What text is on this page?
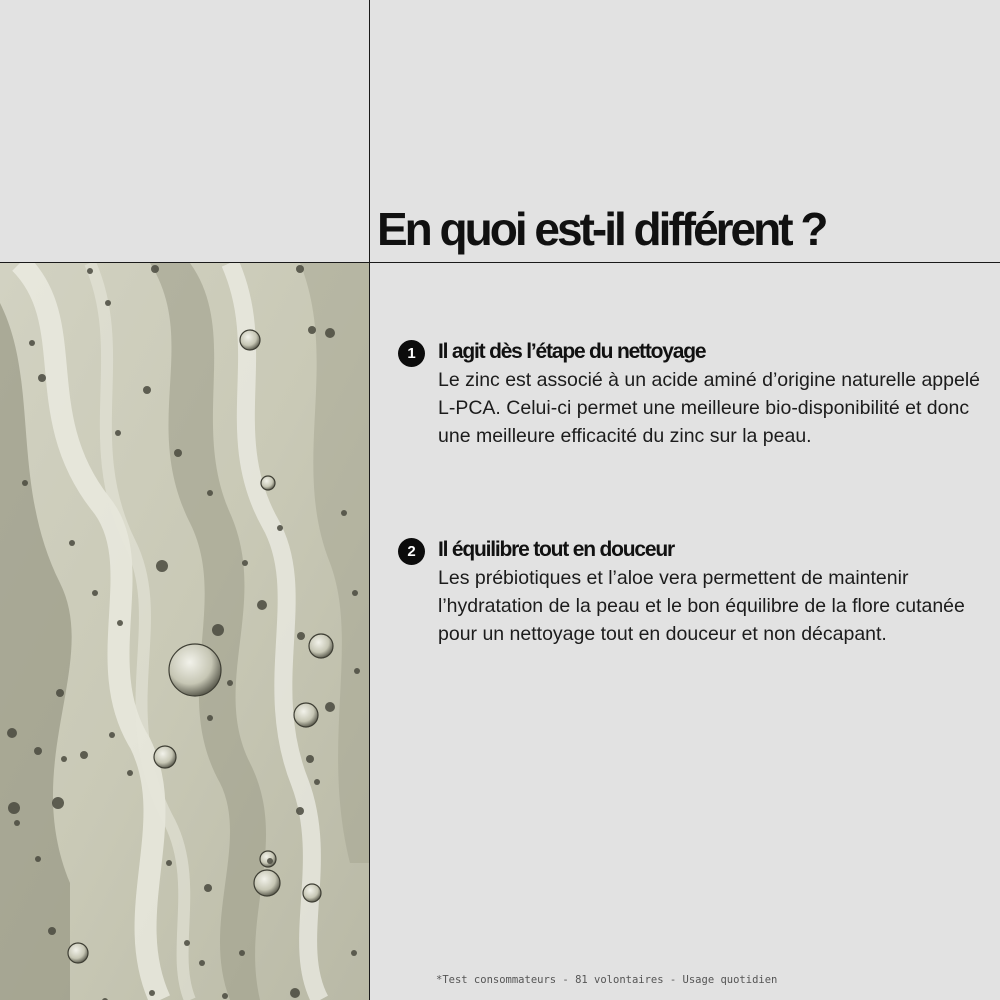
En quoi est-il différent ?
1	Il agit dès l’étape du nettoyage

Le zinc est associé à un acide aminé d’origine naturelle appelé L-PCA. Celui-ci permet une meilleure bio-disponibilité et donc une meilleure efficacité du zinc sur la peau.

2	Il équilibre tout en douceur

Les prébiotiques et l’aloe vera permettent de maintenir l’hydratation de la peau et le bon équilibre de la flore cutanée pour un nettoyage tout en douceur et non décapant.

*Test consommateurs - 81 volontaires - Usage quotidien
